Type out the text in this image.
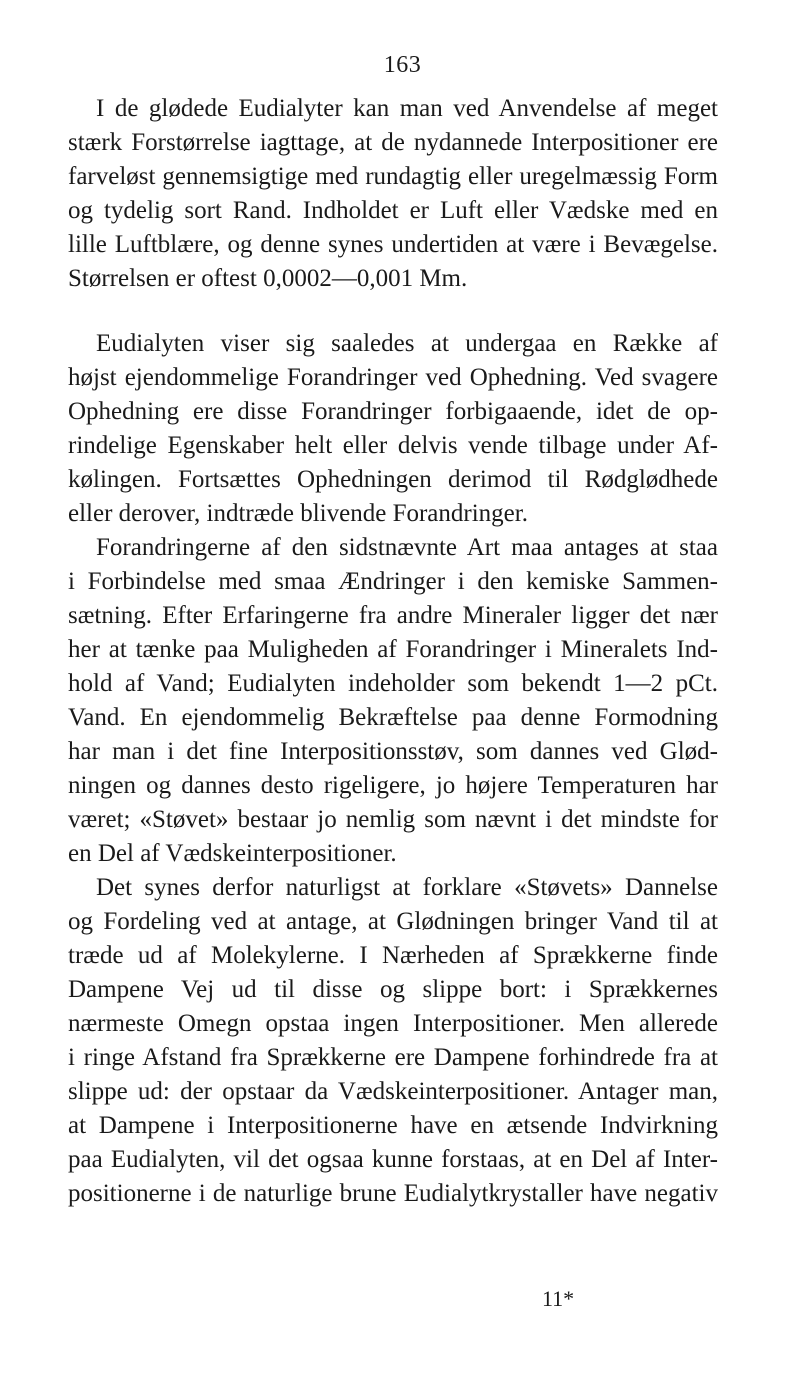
163
I de glødede Eudialyter kan man ved Anvendelse af meget
stærk Forstørrelse iagttage, at de nydannede Interpositioner ere
farveløst gennemsigtige med rundagtig eller uregelmæssig Form
og tydelig sort Rand. Indholdet er Luft eller Vædske med en
lille Luftblære, og denne synes undertiden at være i Bevægelse.
Størrelsen er oftest 0,0002—0,001 Mm.
Eudialyten viser sig saaledes at undergaa en Række af
højst ejendommelige Forandringer ved Ophedning. Ved svagere
Ophedning ere disse Forandringer forbigaaende, idet de op-
rindelige Egenskaber helt eller delvis vende tilbage under Af-
kølingen. Fortsættes Ophedningen derimod til Rødglødhede
eller derover, indtræde blivende Forandringer.
Forandringerne af den sidstnævnte Art maa antages at staa
i Forbindelse med smaa Ændringer i den kemiske Sammen-
sætning. Efter Erfaringerne fra andre Mineraler ligger det nær
her at tænke paa Muligheden af Forandringer i Mineralets Ind-
hold af Vand; Eudialyten indeholder som bekendt 1—2 pCt.
Vand. En ejendommelig Bekræftelse paa denne Formodning
har man i det fine Interpositionsstøv, som dannes ved Glød-
ningen og dannes desto rigeligere, jo højere Temperaturen har
været; «Støvet» bestaar jo nemlig som nævnt i det mindste for
en Del af Vædskeinterpositioner.
Det synes derfor naturligst at forklare «Støvets» Dannelse
og Fordeling ved at antage, at Glødningen bringer Vand til at
træde ud af Molekylerne. I Nærheden af Sprækkerne finde
Dampene Vej ud til disse og slippe bort: i Sprækkernes
nærmeste Omegn opstaa ingen Interpositioner. Men allerede
i ringe Afstand fra Sprækkerne ere Dampene forhindrede fra at
slippe ud: der opstaar da Vædskeinterpositioner. Antager man,
at Dampene i Interpositionerne have en ætsende Indvirkning
paa Eudialyten, vil det ogsaa kunne forstaas, at en Del af Inter-
positionerne i de naturlige brune Eudialytkrystaller have negativ
11*
